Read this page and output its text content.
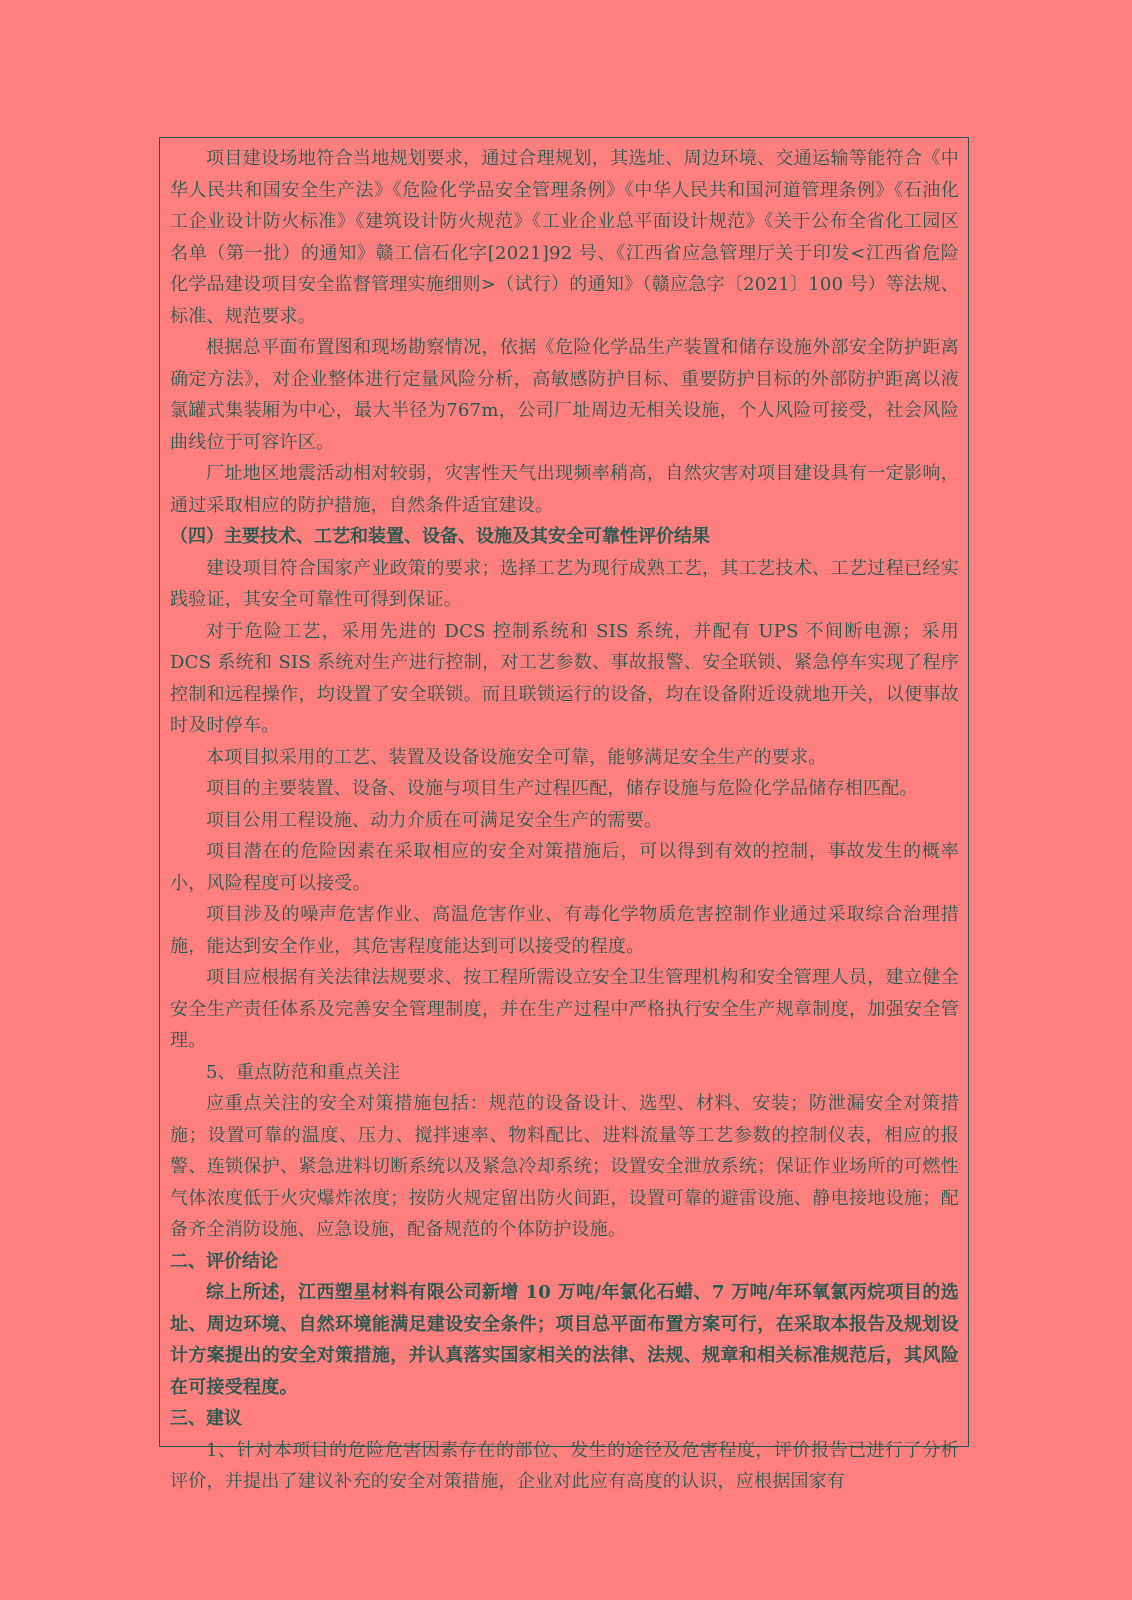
项目建设场地符合当地规划要求，通过合理规划，其选址、周边环境、交通运输等能符合《中华人民共和国安全生产法》《危险化学品安全管理条例》《中华人民共和国河道管理条例》《石油化工企业设计防火标准》《建筑设计防火规范》《工业企业总平面设计规范》《关于公布全省化工园区名单（第一批）的通知》赣工信石化字[2021]92 号、《江西省应急管理厅关于印发<江西省危险化学品建设项目安全监督管理实施细则>（试行）的通知》（赣应急字〔2021〕100 号）等法规、标准、规范要求。

根据总平面布置图和现场勘察情况，依据《危险化学品生产装置和储存设施外部安全防护距离确定方法》，对企业整体进行定量风险分析，高敏感防护目标、重要防护目标的外部防护距离以液氯罐式集装厢为中心，最大半径为767m，公司厂址周边无相关设施，个人风险可接受，社会风险曲线位于可容许区。

厂址地区地震活动相对较弱，灾害性天气出现频率稍高，自然灾害对项目建设具有一定影响，通过采取相应的防护措施，自然条件适宜建设。

（四）主要技术、工艺和装置、设备、设施及其安全可靠性评价结果

建设项目符合国家产业政策的要求；选择工艺为现行成熟工艺，其工艺技术、工艺过程已经实践验证，其安全可靠性可得到保证。

对于危险工艺，采用先进的 DCS 控制系统和 SIS 系统，并配有 UPS 不间断电源；采用 DCS 系统和 SIS 系统对生产进行控制，对工艺参数、事故报警、安全联锁、紧急停车实现了程序控制和远程操作，均设置了安全联锁。而且联锁运行的设备，均在设备附近设就地开关，以便事故时及时停车。

本项目拟采用的工艺、装置及设备设施安全可靠，能够满足安全生产的要求。

项目的主要装置、设备、设施与项目生产过程匹配，储存设施与危险化学品储存相匹配。

项目公用工程设施、动力介质在可满足安全生产的需要。

项目潜在的危险因素在采取相应的安全对策措施后，可以得到有效的控制，事故发生的概率小，风险程度可以接受。

项目涉及的噪声危害作业、高温危害作业、有毒化学物质危害控制作业通过采取综合治理措施，能达到安全作业，其危害程度能达到可以接受的程度。

项目应根据有关法律法规要求、按工程所需设立安全卫生管理机构和安全管理人员，建立健全安全生产责任体系及完善安全管理制度，并在生产过程中严格执行安全生产规章制度，加强安全管理。

5、重点防范和重点关注

应重点关注的安全对策措施包括：规范的设备设计、选型、材料、安装；防泄漏安全对策措施；设置可靠的温度、压力、搅拌速率、物料配比、进料流量等工艺参数的控制仪表，相应的报警、连锁保护、紧急进料切断系统以及紧急冷却系统；设置安全泄放系统；保证作业场所的可燃性气体浓度低于火灾爆炸浓度；按防火规定留出防火间距，设置可靠的避雷设施、静电接地设施；配备齐全消防设施、应急设施，配备规范的个体防护设施。

二、评价结论

综上所述，江西塑星材料有限公司新增 10 万吨/年氯化石蜡、7 万吨/年环氧氯丙烷项目的选址、周边环境、自然环境能满足建设安全条件；项目总平面布置方案可行，在采取本报告及规划设计方案提出的安全对策措施，并认真落实国家相关的法律、法规、规章和相关标准规范后，其风险在可接受程度。

三、建议

1、针对本项目的危险危害因素存在的部位、发生的途径及危害程度，评价报告已进行了分析评价，并提出了建议补充的安全对策措施，企业对此应有高度的认识，应根据国家有
